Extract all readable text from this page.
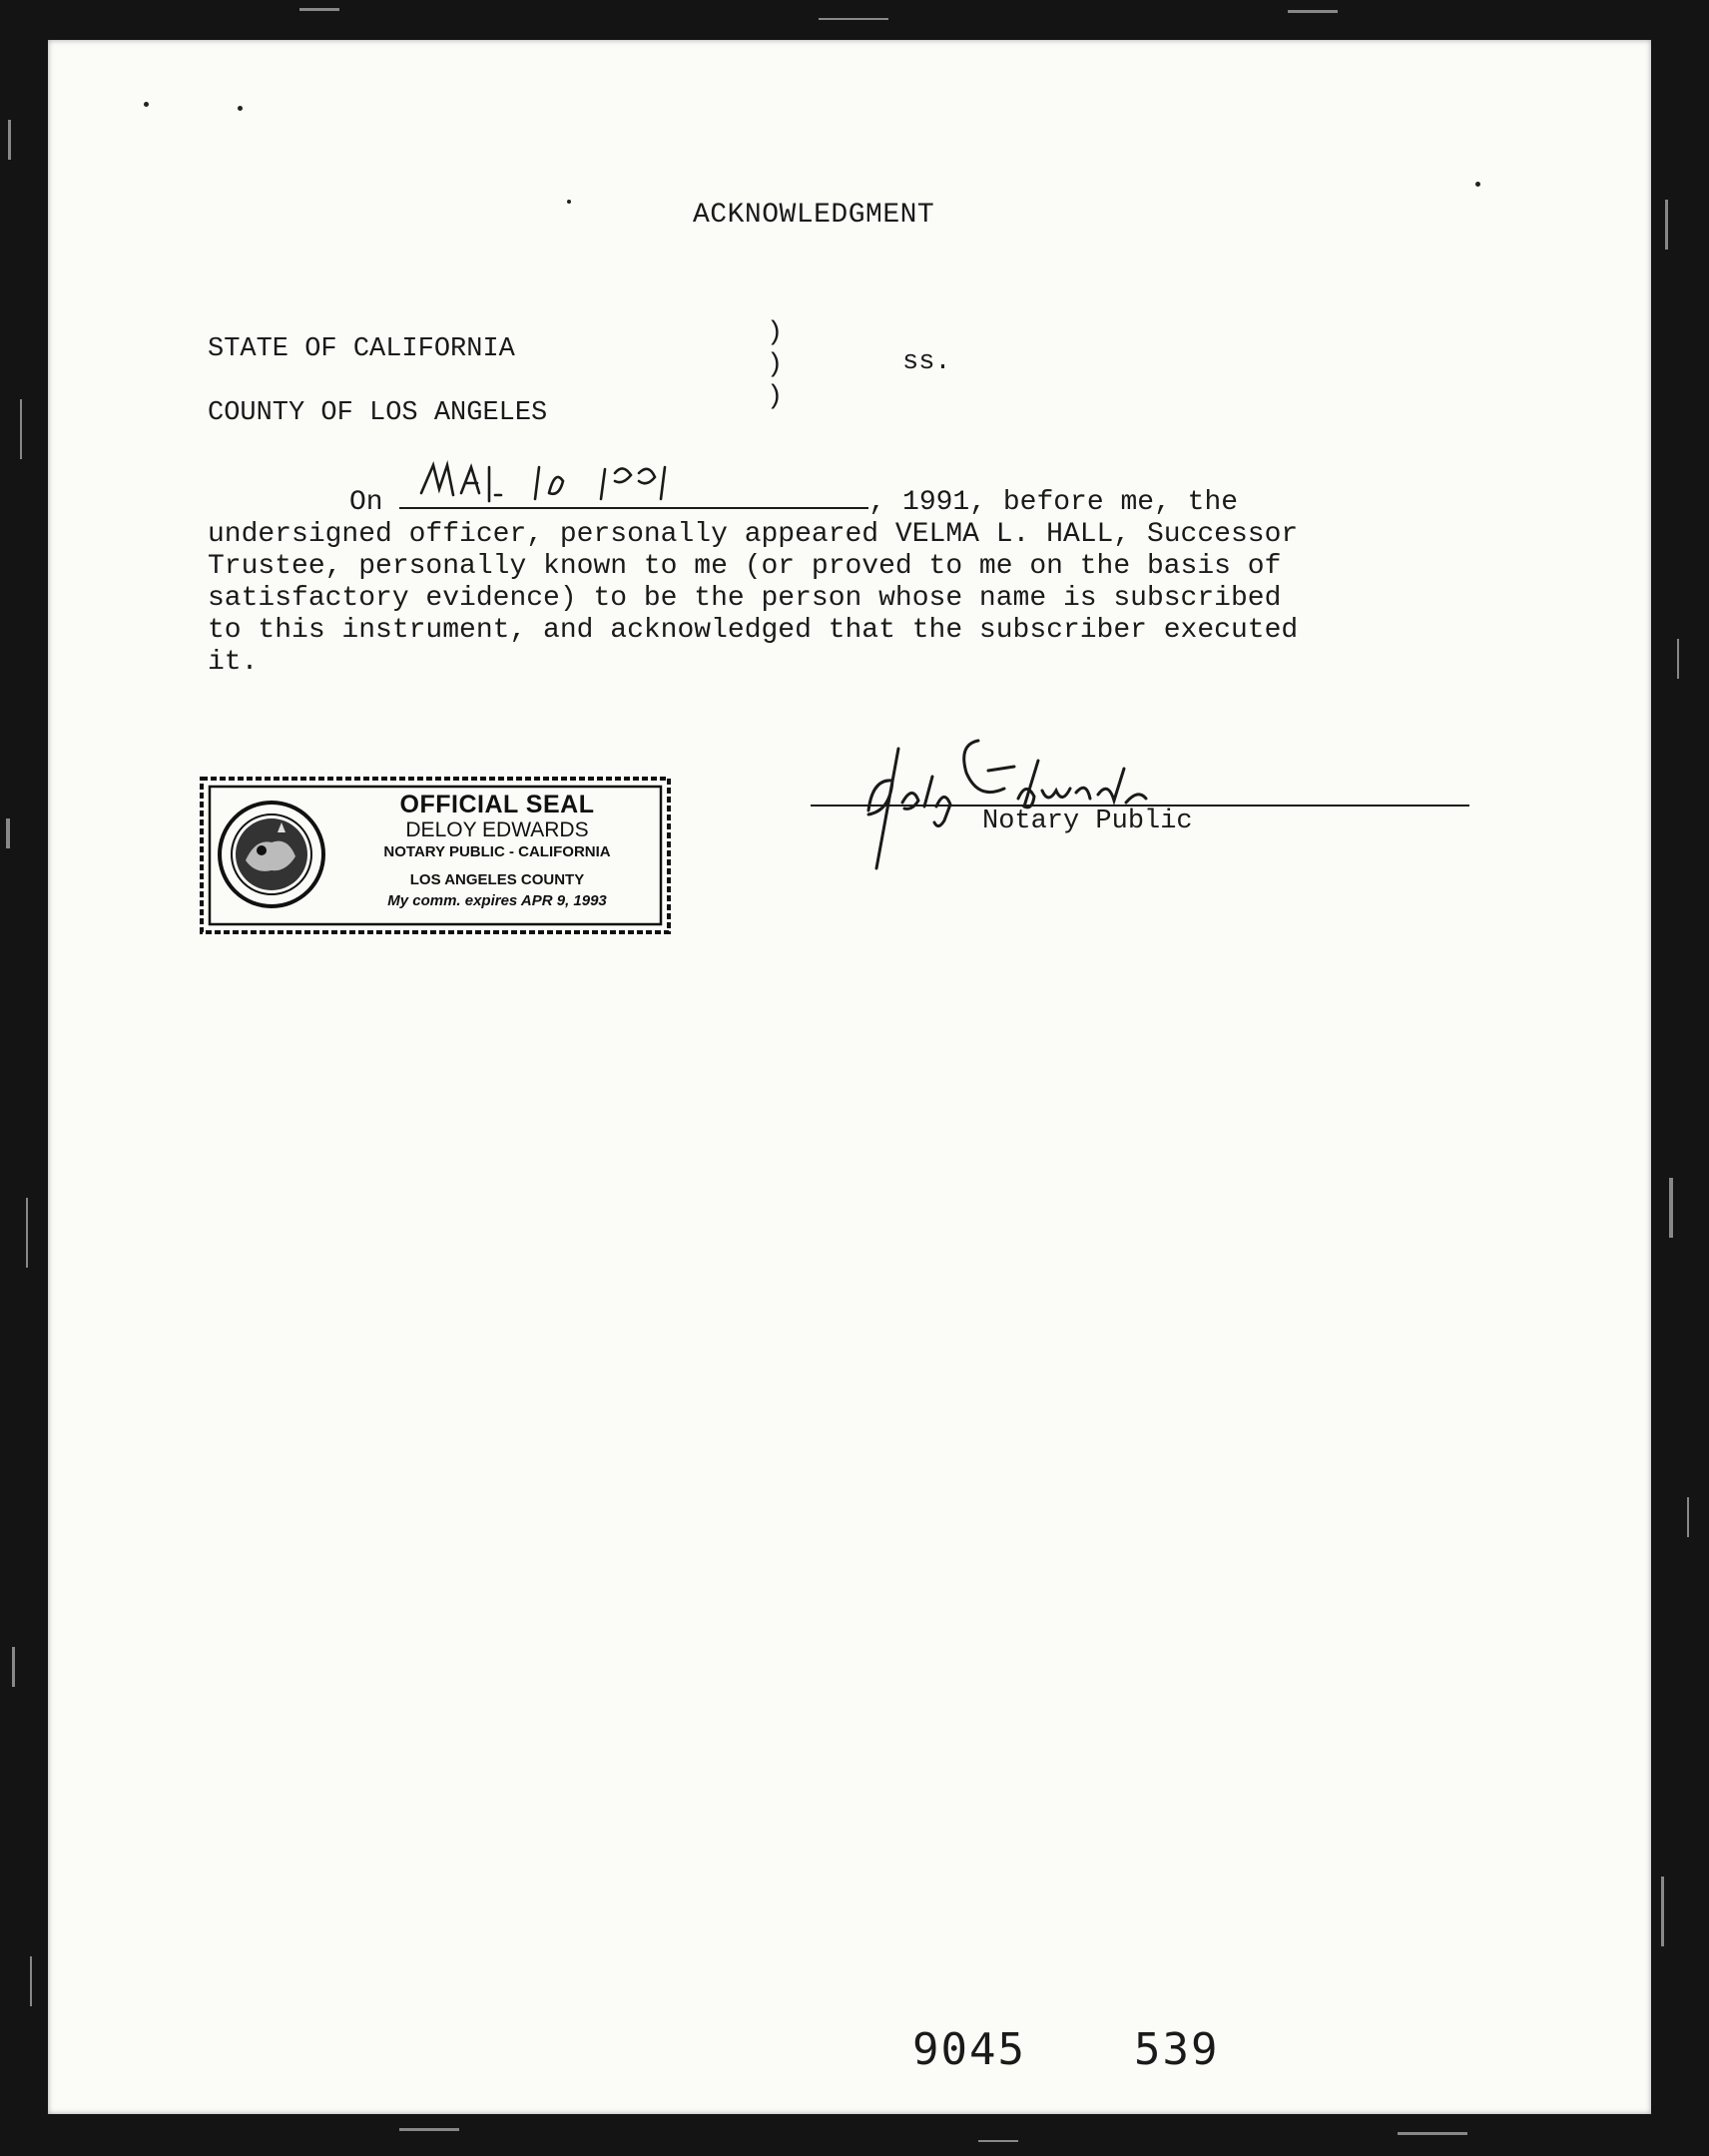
ACKNOWLEDGMENT
STATE OF CALIFORNIA
COUNTY OF LOS ANGELES
)
)
)
ss.
On	, 1991, before me, the
undersigned officer, personally appeared VELMA L. HALL, Successor
Trustee, personally known to me (or proved to me on the basis of
satisfactory evidence) to be the person whose name is subscribed
to this instrument, and acknowledged that the subscriber executed
it.
OFFICIAL SEAL
DELOY EDWARDS
NOTARY PUBLIC - CALIFORNIA
LOS ANGELES COUNTY
My comm. expires APR 9, 1993
Notary Public
9045 539
